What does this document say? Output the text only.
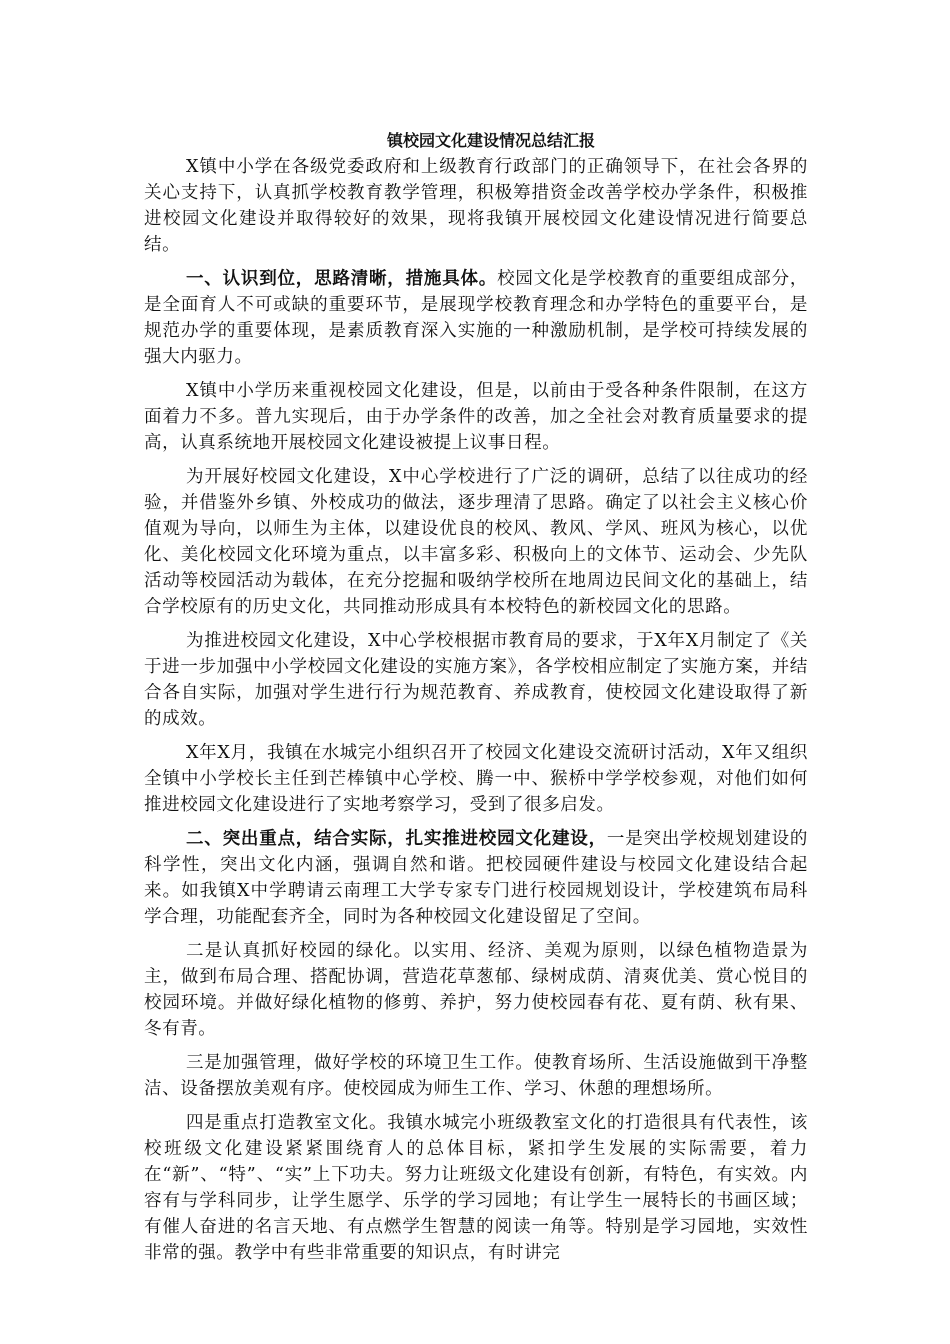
镇校园文化建设情况总结汇报

X镇中小学在各级党委政府和上级教育行政部门的正确领导下，在社会各界的关心支持下，认真抓学校教育教学管理，积极筹措资金改善学校办学条件，积极推进校园文化建设并取得较好的效果，现将我镇开展校园文化建设情况进行简要总结。

一、认识到位，思路清晰，措施具体。校园文化是学校教育的重要组成部分，是全面育人不可或缺的重要环节，是展现学校教育理念和办学特色的重要平台，是规范办学的重要体现，是素质教育深入实施的一种激励机制，是学校可持续发展的强大内驱力。

X镇中小学历来重视校园文化建设，但是，以前由于受各种条件限制，在这方面着力不多。普九实现后，由于办学条件的改善，加之全社会对教育质量要求的提高，认真系统地开展校园文化建设被提上议事日程。

为开展好校园文化建设，X中心学校进行了广泛的调研，总结了以往成功的经验，并借鉴外乡镇、外校成功的做法，逐步理清了思路。确定了以社会主义核心价值观为导向，以师生为主体，以建设优良的校风、教风、学风、班风为核心，以优化、美化校园文化环境为重点，以丰富多彩、积极向上的文体节、运动会、少先队活动等校园活动为载体，在充分挖掘和吸纳学校所在地周边民间文化的基础上，结合学校原有的历史文化，共同推动形成具有本校特色的新校园文化的思路。

为推进校园文化建设，X中心学校根据市教育局的要求，于X年X月制定了《关于进一步加强中小学校园文化建设的实施方案》，各学校相应制定了实施方案，并结合各自实际，加强对学生进行行为规范教育、养成教育，使校园文化建设取得了新的成效。

X年X月，我镇在水城完小组织召开了校园文化建设交流研讨活动，X年又组织全镇中小学校长主任到芒棒镇中心学校、腾一中、猴桥中学学校参观，对他们如何推进校园文化建设进行了实地考察学习，受到了很多启发。

二、突出重点，结合实际，扎实推进校园文化建设，一是突出学校规划建设的科学性，突出文化内涵，强调自然和谐。把校园硬件建设与校园文化建设结合起来。如我镇X中学聘请云南理工大学专家专门进行校园规划设计，学校建筑布局科学合理，功能配套齐全，同时为各种校园文化建设留足了空间。

二是认真抓好校园的绿化。以实用、经济、美观为原则，以绿色植物造景为主，做到布局合理、搭配协调，营造花草葱郁、绿树成荫、清爽优美、赏心悦目的校园环境。并做好绿化植物的修剪、养护，努力使校园春有花、夏有荫、秋有果、冬有青。

三是加强管理，做好学校的环境卫生工作。使教育场所、生活设施做到干净整洁、设备摆放美观有序。使校园成为师生工作、学习、休憩的理想场所。

四是重点打造教室文化。我镇水城完小班级教室文化的打造很具有代表性，该校班级文化建设紧紧围绕育人的总体目标，紧扣学生发展的实际需要，着力在“新”、“特”、“实”上下功夫。努力让班级文化建设有创新，有特色，有实效。内容有与学科同步，让学生愿学、乐学的学习园地；有让学生一展特长的书画区域；有催人奋进的名言天地、有点燃学生智慧的阅读一角等。特别是学习园地，实效性非常的强。教学中有些非常重要的知识点，有时讲完
